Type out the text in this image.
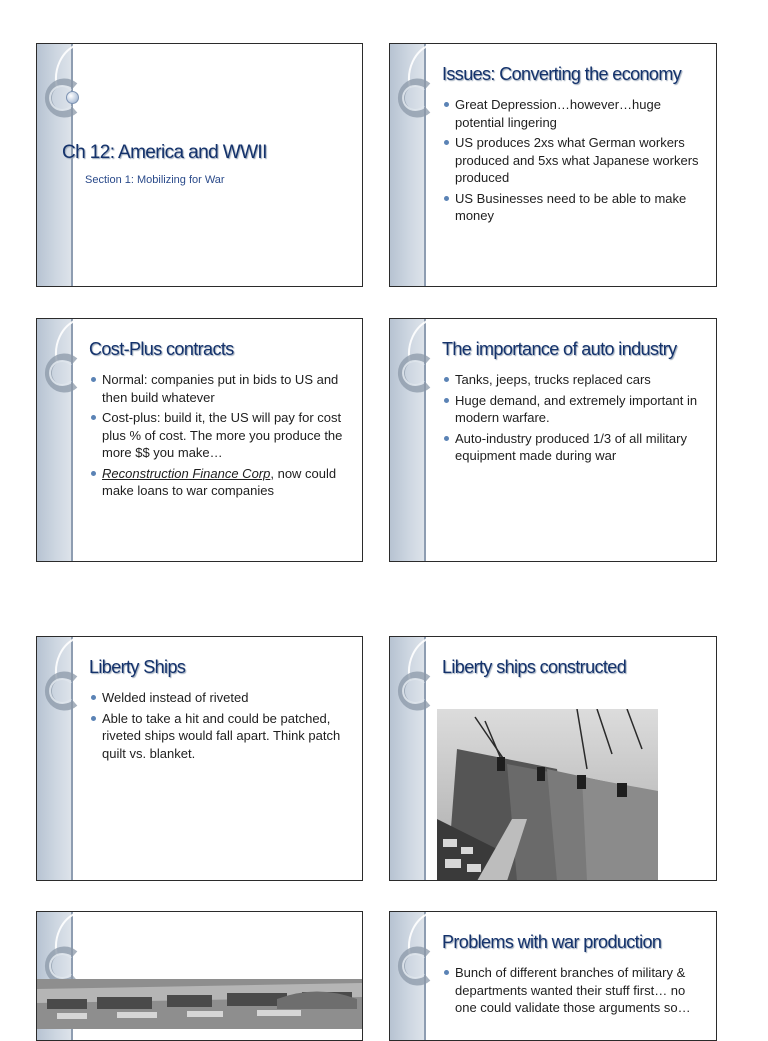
Ch 12: America and WWII
Section 1: Mobilizing for War
Issues: Converting the economy
Great Depression…however…huge potential lingering
US produces 2xs what German workers produced and 5xs what Japanese workers produced
US Businesses need to be able to make money
Cost-Plus contracts
Normal: companies put in bids to US and then build whatever
Cost-plus: build it, the US will pay for cost plus % of cost. The more you produce the more $$ you make…
Reconstruction Finance Corp, now could make loans to war companies
The importance of auto industry
Tanks, jeeps, trucks replaced cars
Huge demand, and extremely important in modern warfare.
Auto-industry produced 1/3 of all military equipment made during war
Liberty Ships
Welded instead of riveted
Able to take a hit and could be patched, riveted ships would fall apart. Think patch quilt vs. blanket.
Liberty ships constructed
Problems with war production
Bunch of different branches of military & departments wanted their stuff first… no one could validate those arguments so…
